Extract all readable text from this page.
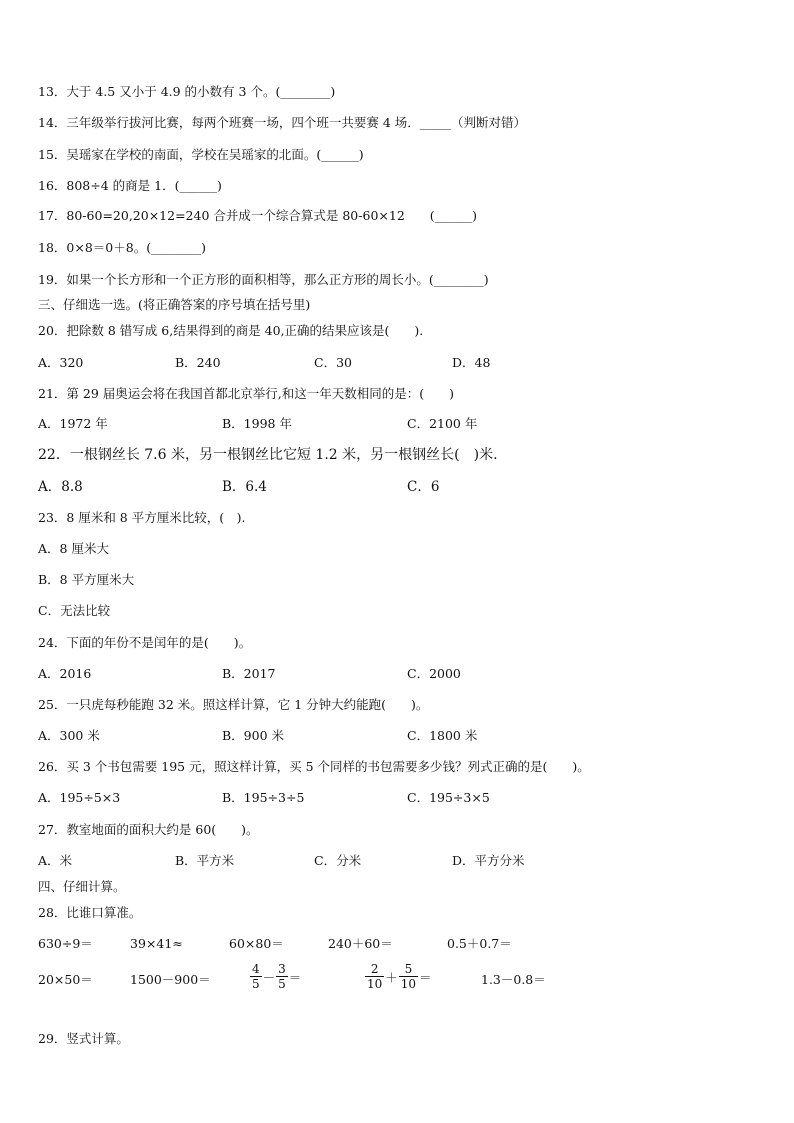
13．大于 4.5 又小于 4.9 的小数有 3 个。(________)
14．三年级举行拔河比赛，每两个班赛一场，四个班一共要赛 4 场．_____（判断对错）
15．吴瑶家在学校的南面，学校在吴瑶家的北面。(______)
16．808÷4 的商是 1．(______)
17．80-60=20,20×12=240 合并成一个综合算式是 80-60×12　　(______)
18．0×8＝0＋8。(________)
19．如果一个长方形和一个正方形的面积相等，那么正方形的周长小。(________)
三、仔细选一选。(将正确答案的序号填在括号里)
20．把除数 8 错写成 6,结果得到的商是 40,正确的结果应该是(　　).
A．320	B．240	C．30	D．48
21．第 29 届奥运会将在我国首都北京举行,和这一年天数相同的是：(　　)
A．1972 年	B．1998 年	C．2100 年
22．一根钢丝长 7.6 米，另一根钢丝比它短 1.2 米，另一根钢丝长(　)米.
A．8.8	B．6.4	C．6
23．8 厘米和 8 平方厘米比较，(　).
A．8 厘米大
B．8 平方厘米大
C．无法比较
24．下面的年份不是闰年的是(　　)。
A．2016	B．2017	C．2000
25．一只虎每秒能跑 32 米。照这样计算，它 1 分钟大约能跑(　　)。
A．300 米	B．900 米	C．1800 米
26．买 3 个书包需要 195 元，照这样计算，买 5 个同样的书包需要多少钱？列式正确的是(　　)。
A．195÷5×3	B．195÷3÷5	C．195÷3×5
27．教室地面的面积大约是 60(　　)。
A．米	B．平方米	C．分米	D．平方分米
四、仔细计算。
28．比谁口算准。
630÷9＝	39×41≈	60×80＝	240＋60＝	0.5＋0.7＝
20×50＝	1500－900＝	$\frac{4}{5} - \frac{3}{5}$ ＝	$\frac{2}{10} + \frac{5}{10}$ ＝	1.3－0.8＝
29．竖式计算。
